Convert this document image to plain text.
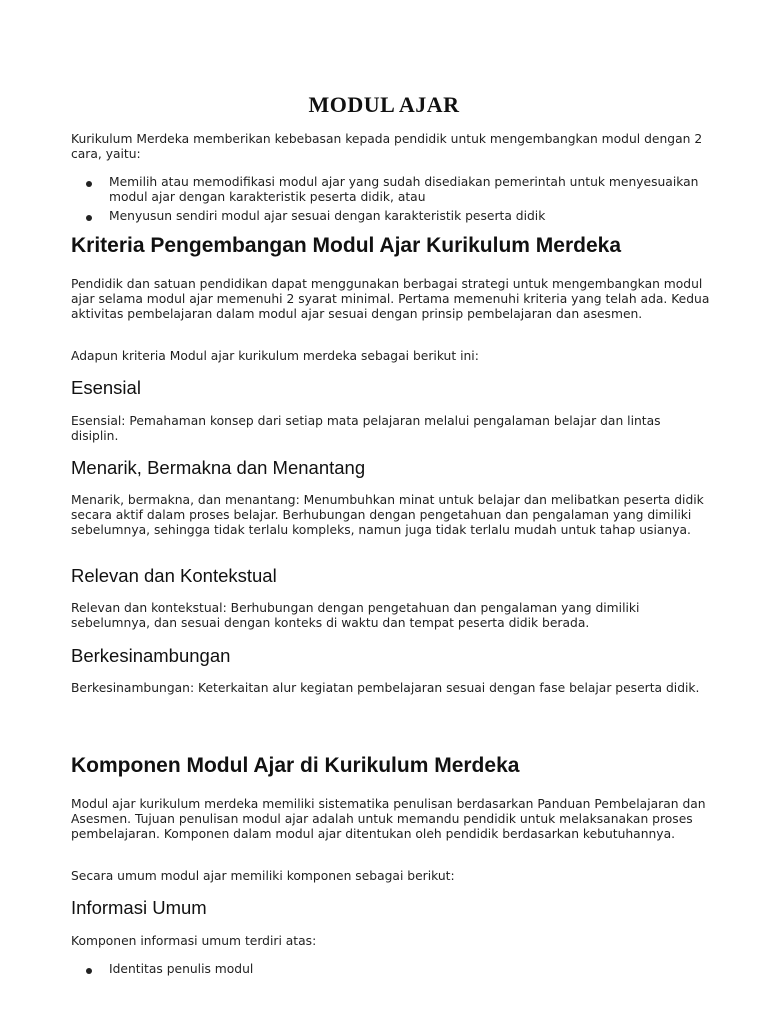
MODUL AJAR

Kurikulum Merdeka memberikan kebebasan kepada pendidik untuk mengembangkan modul dengan 2 cara, yaitu:

Memilih atau memodifikasi modul ajar yang sudah disediakan pemerintah untuk menyesuaikan modul ajar dengan karakteristik peserta didik, atau

Menyusun sendiri modul ajar sesuai dengan karakteristik peserta didik

Kriteria Pengembangan Modul Ajar Kurikulum Merdeka

Pendidik dan satuan pendidikan dapat menggunakan berbagai strategi untuk mengembangkan modul ajar selama modul ajar memenuhi 2 syarat minimal. Pertama memenuhi kriteria yang telah ada. Kedua aktivitas pembelajaran dalam modul ajar sesuai dengan prinsip pembelajaran dan asesmen.

Adapun kriteria Modul ajar kurikulum merdeka sebagai berikut ini:

Esensial

Esensial: Pemahaman konsep dari setiap mata pelajaran melalui pengalaman belajar dan lintas disiplin.

Menarik, Bermakna dan Menantang

Menarik, bermakna, dan menantang: Menumbuhkan minat untuk belajar dan melibatkan peserta didik secara aktif dalam proses belajar. Berhubungan dengan pengetahuan dan pengalaman yang dimiliki sebelumnya, sehingga tidak terlalu kompleks, namun juga tidak terlalu mudah untuk tahap usianya.

Relevan dan Kontekstual

Relevan dan kontekstual: Berhubungan dengan pengetahuan dan pengalaman yang dimiliki sebelumnya, dan sesuai dengan konteks di waktu dan tempat peserta didik berada.

Berkesinambungan

Berkesinambungan: Keterkaitan alur kegiatan pembelajaran sesuai dengan fase belajar peserta didik.

Komponen Modul Ajar di Kurikulum Merdeka

Modul ajar kurikulum merdeka memiliki sistematika penulisan berdasarkan Panduan Pembelajaran dan Asesmen. Tujuan penulisan modul ajar adalah untuk memandu pendidik untuk melaksanakan proses pembelajaran. Komponen dalam modul ajar ditentukan oleh pendidik berdasarkan kebutuhannya.

Secara umum modul ajar memiliki komponen sebagai berikut:

Informasi Umum

Komponen informasi umum terdiri atas:

Identitas penulis modul
